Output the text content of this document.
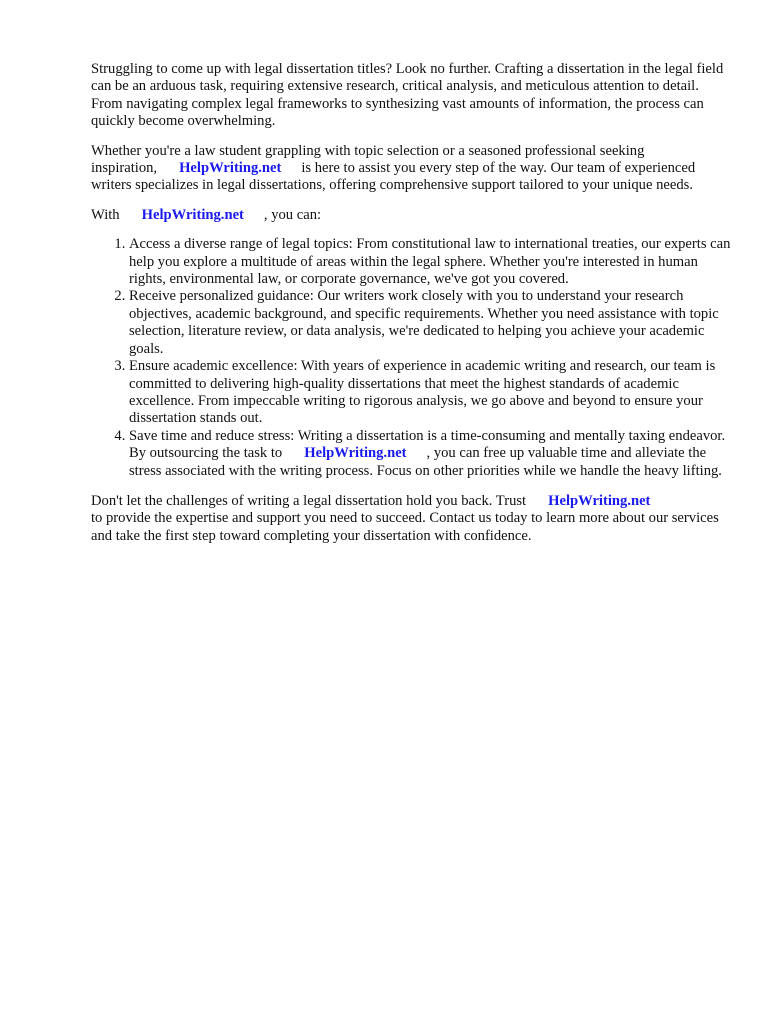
Struggling to come up with legal dissertation titles? Look no further. Crafting a dissertation in the legal field can be an arduous task, requiring extensive research, critical analysis, and meticulous attention to detail. From navigating complex legal frameworks to synthesizing vast amounts of information, the process can quickly become overwhelming.

Whether you're a law student grappling with topic selection or a seasoned professional seeking inspiration, HelpWriting.net is here to assist you every step of the way. Our team of experienced writers specializes in legal dissertations, offering comprehensive support tailored to your unique needs.

With HelpWriting.net , you can:

1. Access a diverse range of legal topics: From constitutional law to international treaties, our experts can help you explore a multitude of areas within the legal sphere. Whether you're interested in human rights, environmental law, or corporate governance, we've got you covered.
2. Receive personalized guidance: Our writers work closely with you to understand your research objectives, academic background, and specific requirements. Whether you need assistance with topic selection, literature review, or data analysis, we're dedicated to helping you achieve your academic goals.
3. Ensure academic excellence: With years of experience in academic writing and research, our team is committed to delivering high-quality dissertations that meet the highest standards of academic excellence. From impeccable writing to rigorous analysis, we go above and beyond to ensure your dissertation stands out.
4. Save time and reduce stress: Writing a dissertation is a time-consuming and mentally taxing endeavor. By outsourcing the task to HelpWriting.net , you can free up valuable time and alleviate the stress associated with the writing process. Focus on other priorities while we handle the heavy lifting.

Don't let the challenges of writing a legal dissertation hold you back. Trust HelpWriting.net
to provide the expertise and support you need to succeed. Contact us today to learn more about our services and take the first step toward completing your dissertation with confidence.
